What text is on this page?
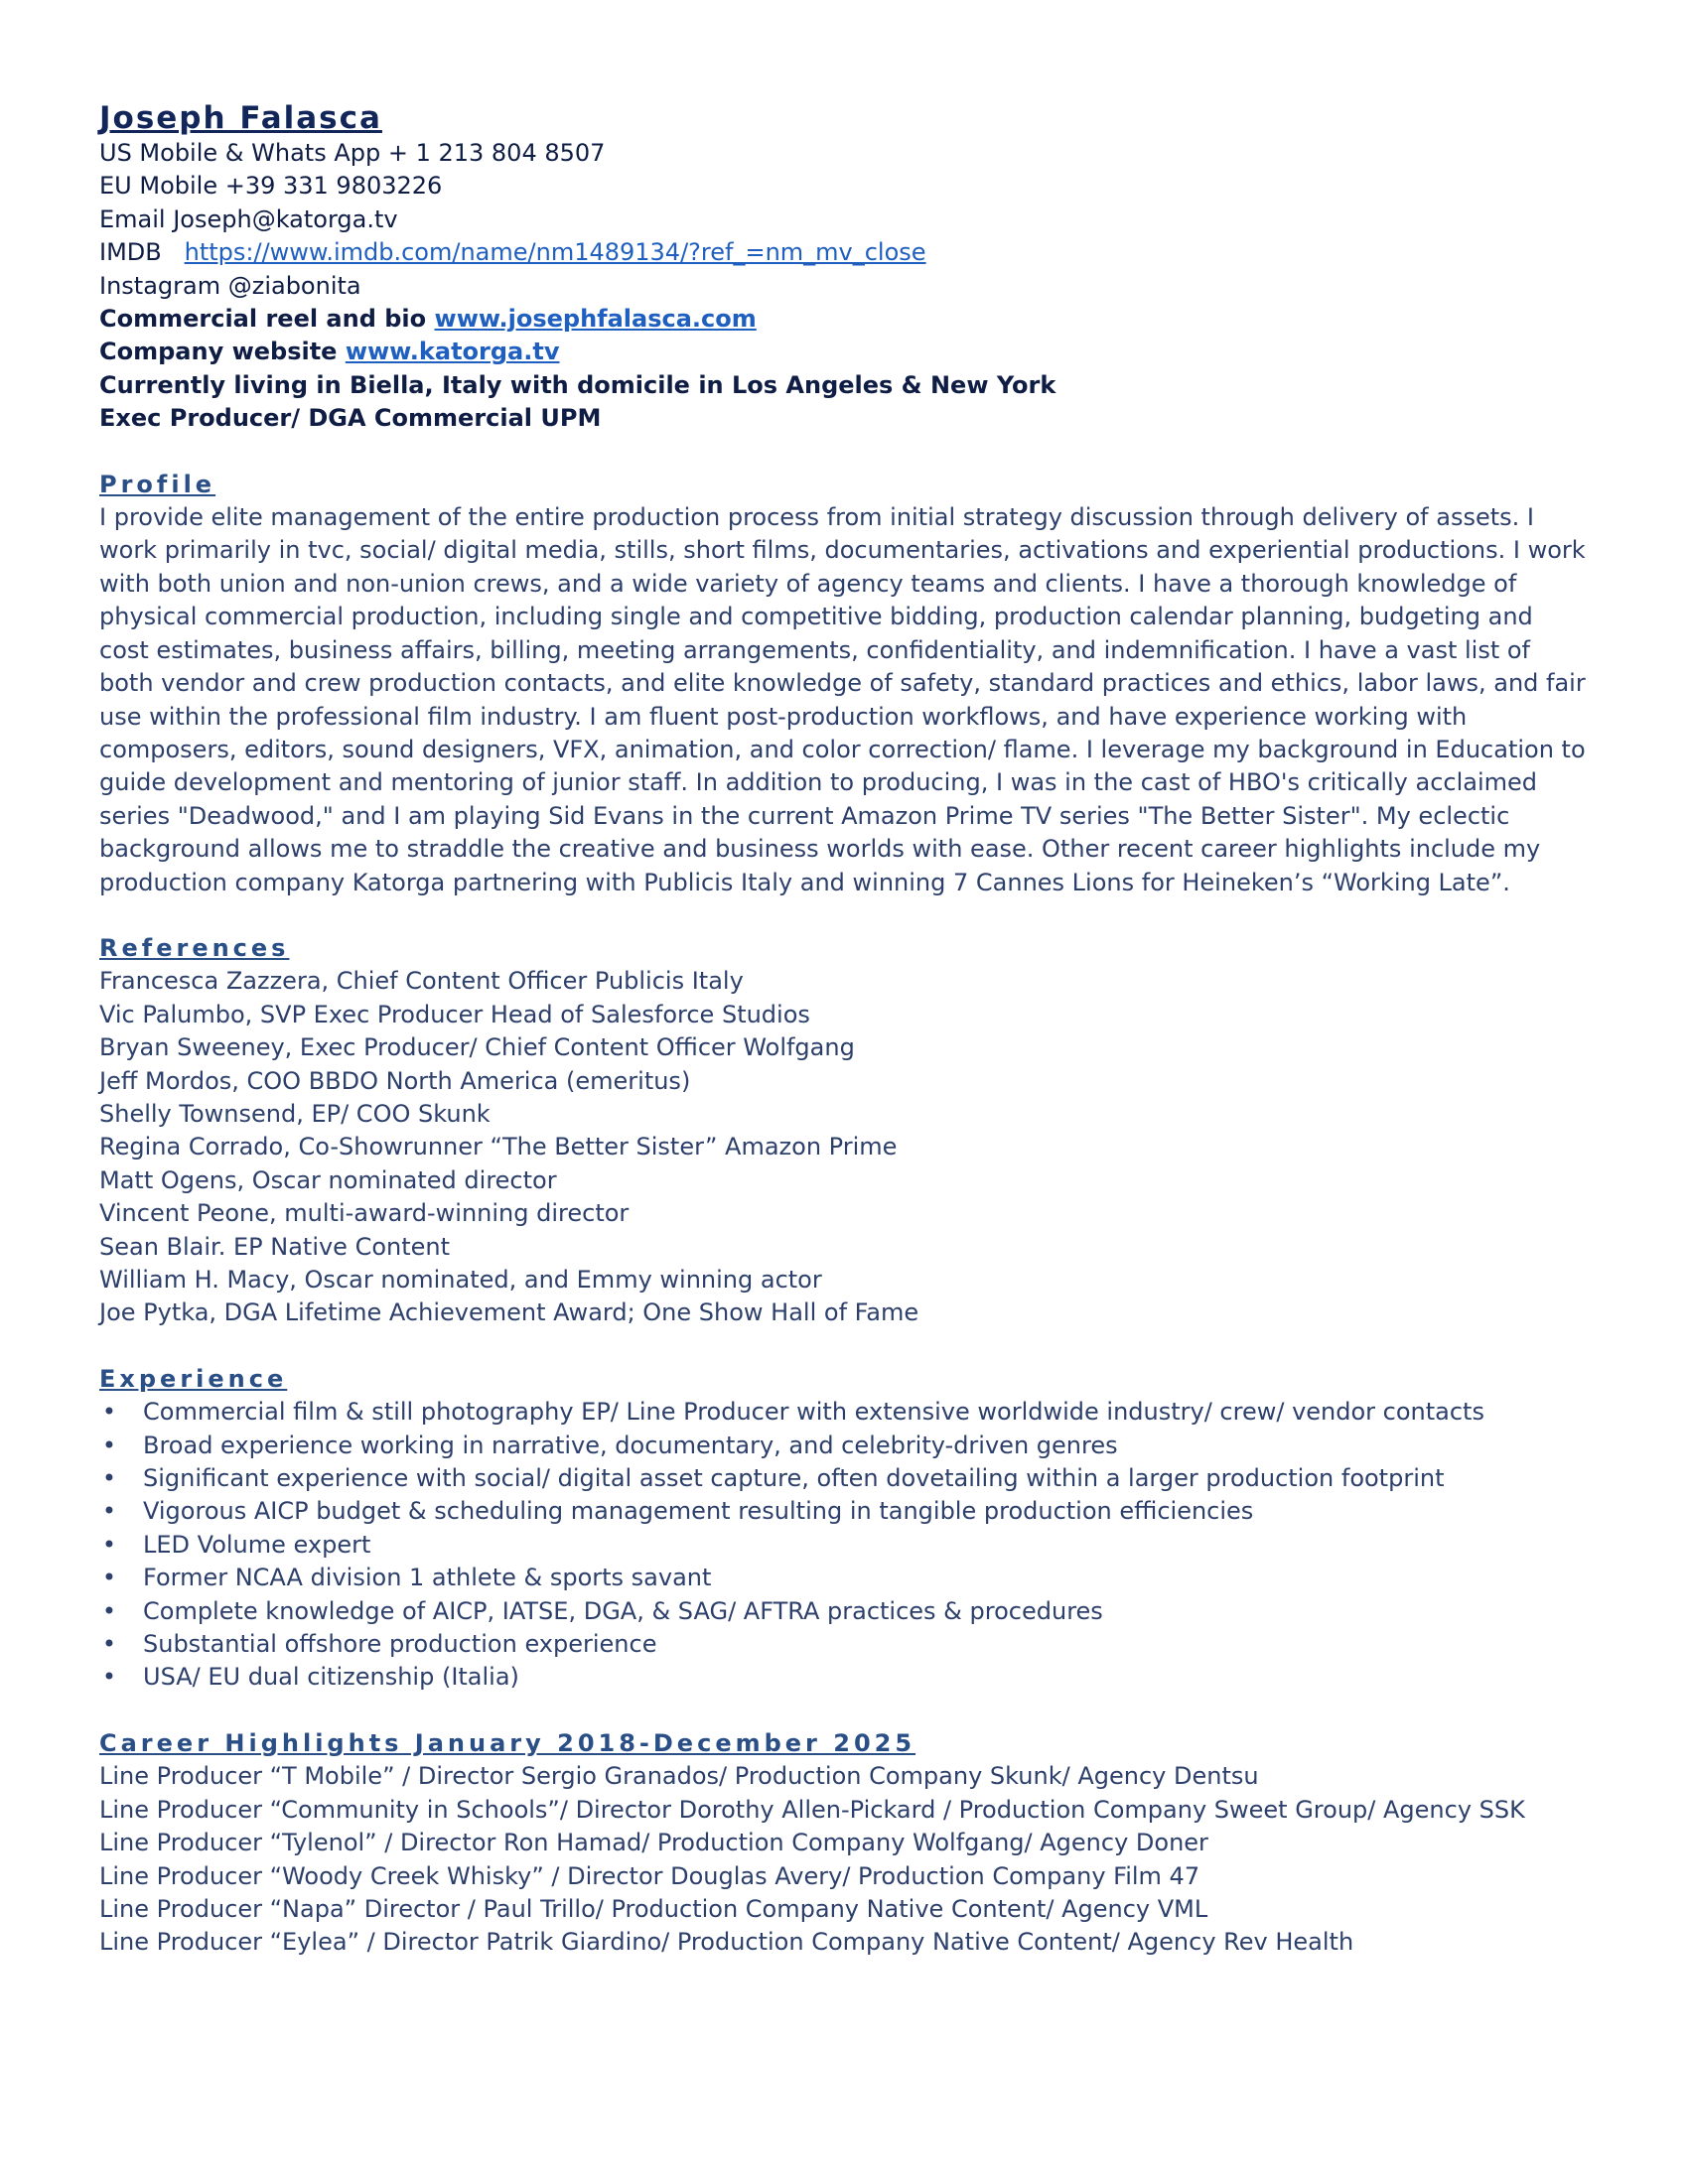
Joseph Falasca

US Mobile & Whats App + 1 213 804 8507

EU Mobile +39 331 9803226

Email Joseph@katorga.tv

IMDB https://www.imdb.com/name/nm1489134/?ref_=nm_mv_close

Instagram @ziabonita

Commercial reel and bio www.josephfalasca.com

Company website www.katorga.tv

Currently living in Biella, Italy with domicile in Los Angeles & New York

Exec Producer/ DGA Commercial UPM

Profile

I provide elite management of the entire production process from initial strategy discussion through delivery of assets. I work primarily in tvc, social/ digital media, stills, short films, documentaries, activations and experiential productions. I work with both union and non-union crews, and a wide variety of agency teams and clients. I have a thorough knowledge of physical commercial production, including single and competitive bidding, production calendar planning, budgeting and cost estimates, business affairs, billing, meeting arrangements, confidentiality, and indemnification. I have a vast list of both vendor and crew production contacts, and elite knowledge of safety, standard practices and ethics, labor laws, and fair use within the professional film industry. I am fluent post-production workflows, and have experience working with composers, editors, sound designers, VFX, animation, and color correction/ flame. I leverage my background in Education to guide development and mentoring of junior staff. In addition to producing, I was in the cast of HBO's critically acclaimed series "Deadwood," and I am playing Sid Evans in the current Amazon Prime TV series "The Better Sister". My eclectic background allows me to straddle the creative and business worlds with ease. Other recent career highlights include my production company Katorga partnering with Publicis Italy and winning 7 Cannes Lions for Heineken’s “Working Late”.

References

Francesca Zazzera, Chief Content Officer Publicis Italy

Vic Palumbo, SVP Exec Producer Head of Salesforce Studios

Bryan Sweeney, Exec Producer/ Chief Content Officer Wolfgang

Jeff Mordos, COO BBDO North America (emeritus)

Shelly Townsend, EP/ COO Skunk

Regina Corrado, Co-Showrunner “The Better Sister” Amazon Prime

Matt Ogens, Oscar nominated director

Vincent Peone, multi-award-winning director

Sean Blair. EP Native Content

William H. Macy, Oscar nominated, and Emmy winning actor

Joe Pytka, DGA Lifetime Achievement Award; One Show Hall of Fame

Experience
• Commercial film & still photography EP/ Line Producer with extensive worldwide industry/ crew/ vendor contacts
• Broad experience working in narrative, documentary, and celebrity-driven genres
• Significant experience with social/ digital asset capture, often dovetailing within a larger production footprint
• Vigorous AICP budget & scheduling management resulting in tangible production efficiencies
• LED Volume expert
• Former NCAA division 1 athlete & sports savant
• Complete knowledge of AICP, IATSE, DGA, & SAG/ AFTRA practices & procedures
• Substantial offshore production experience
• USA/ EU dual citizenship (Italia)
Career Highlights January 2018-December 2025

Line Producer “T Mobile” / Director Sergio Granados/ Production Company Skunk/ Agency Dentsu

Line Producer “Community in Schools”/ Director Dorothy Allen-Pickard / Production Company Sweet Group/ Agency SSK

Line Producer “Tylenol” / Director Ron Hamad/ Production Company Wolfgang/ Agency Doner

Line Producer “Woody Creek Whisky” / Director Douglas Avery/ Production Company Film 47

Line Producer “Napa” Director / Paul Trillo/ Production Company Native Content/ Agency VML

Line Producer “Eylea” / Director Patrik Giardino/ Production Company Native Content/ Agency Rev Health
